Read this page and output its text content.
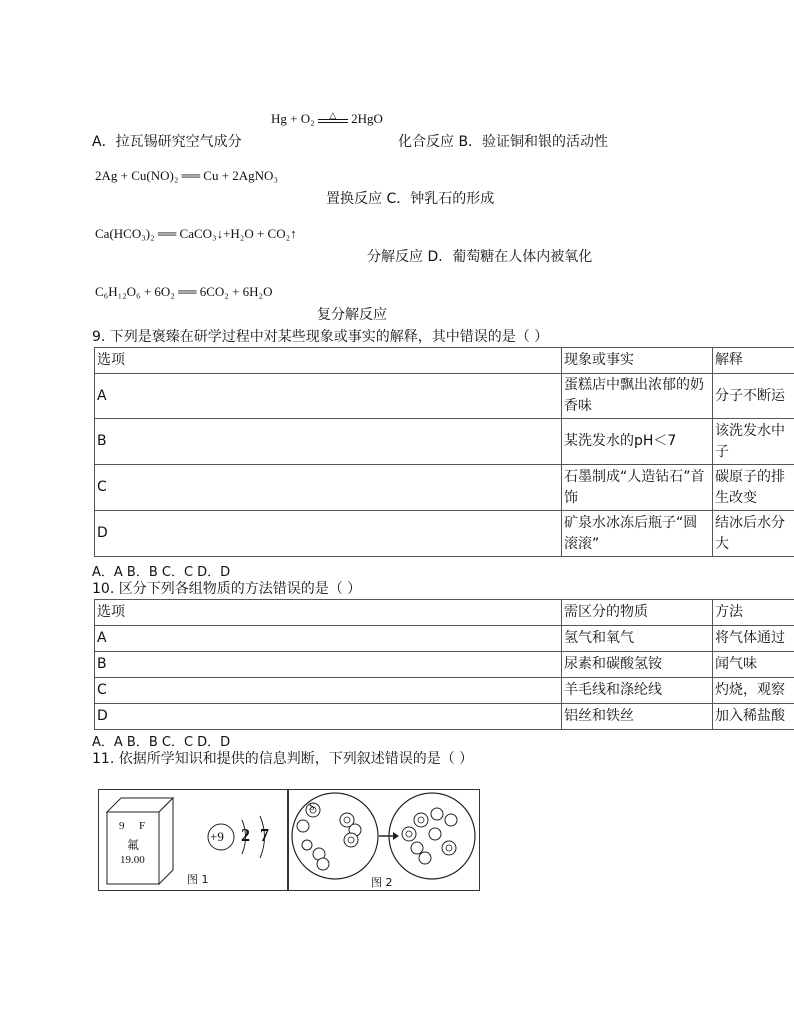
Hg + O₂	△	2HgO
A．拉瓦锡研究空气成分	化合反应 B．验证铜和银的活动性
2Ag + Cu(NO)₂ ══ Cu + 2AgNO₃
置换反应 C．钟乳石的形成
Ca(HCO₃)₂ ══ CaCO₃↓+H₂O + CO₂↑
分解反应 D．葡萄糖在人体内被氧化
C₆H₁₂O₆ + 6O₂ ══ 6CO₂ + 6H₂O
复分解反应
9. 下列是褒臻在研学过程中对某些现象或事实的解释，其中错误的是（ ）
选项	现象或事实	解释
A	蛋糕店中飘出浓郁的奶香味	分子不断运
B	某洗发水的pH＜7	该洗发水中子
C	石墨制成“人造钻石”首饰	碳原子的排生改变
D	矿泉水冰冻后瓶子“圆滚滚”	结冰后水分大
A．A B．B C．C D．D
10. 区分下列各组物质的方法错误的是（ ）
选项	需区分的物质	方法
A	氢气和氧气	将气体通过
B	尿素和碳酸氢铵	闻气味
C	羊毛线和涤纶线	灼烧，观察
D	铝丝和铁丝	加入稀盐酸
A．A B．B C．C D．D
11. 依据所学知识和提供的信息判断，下列叙述错误的是（ ）
9 F
氟
19.00
+9 2 7
图 1
S
图 2
